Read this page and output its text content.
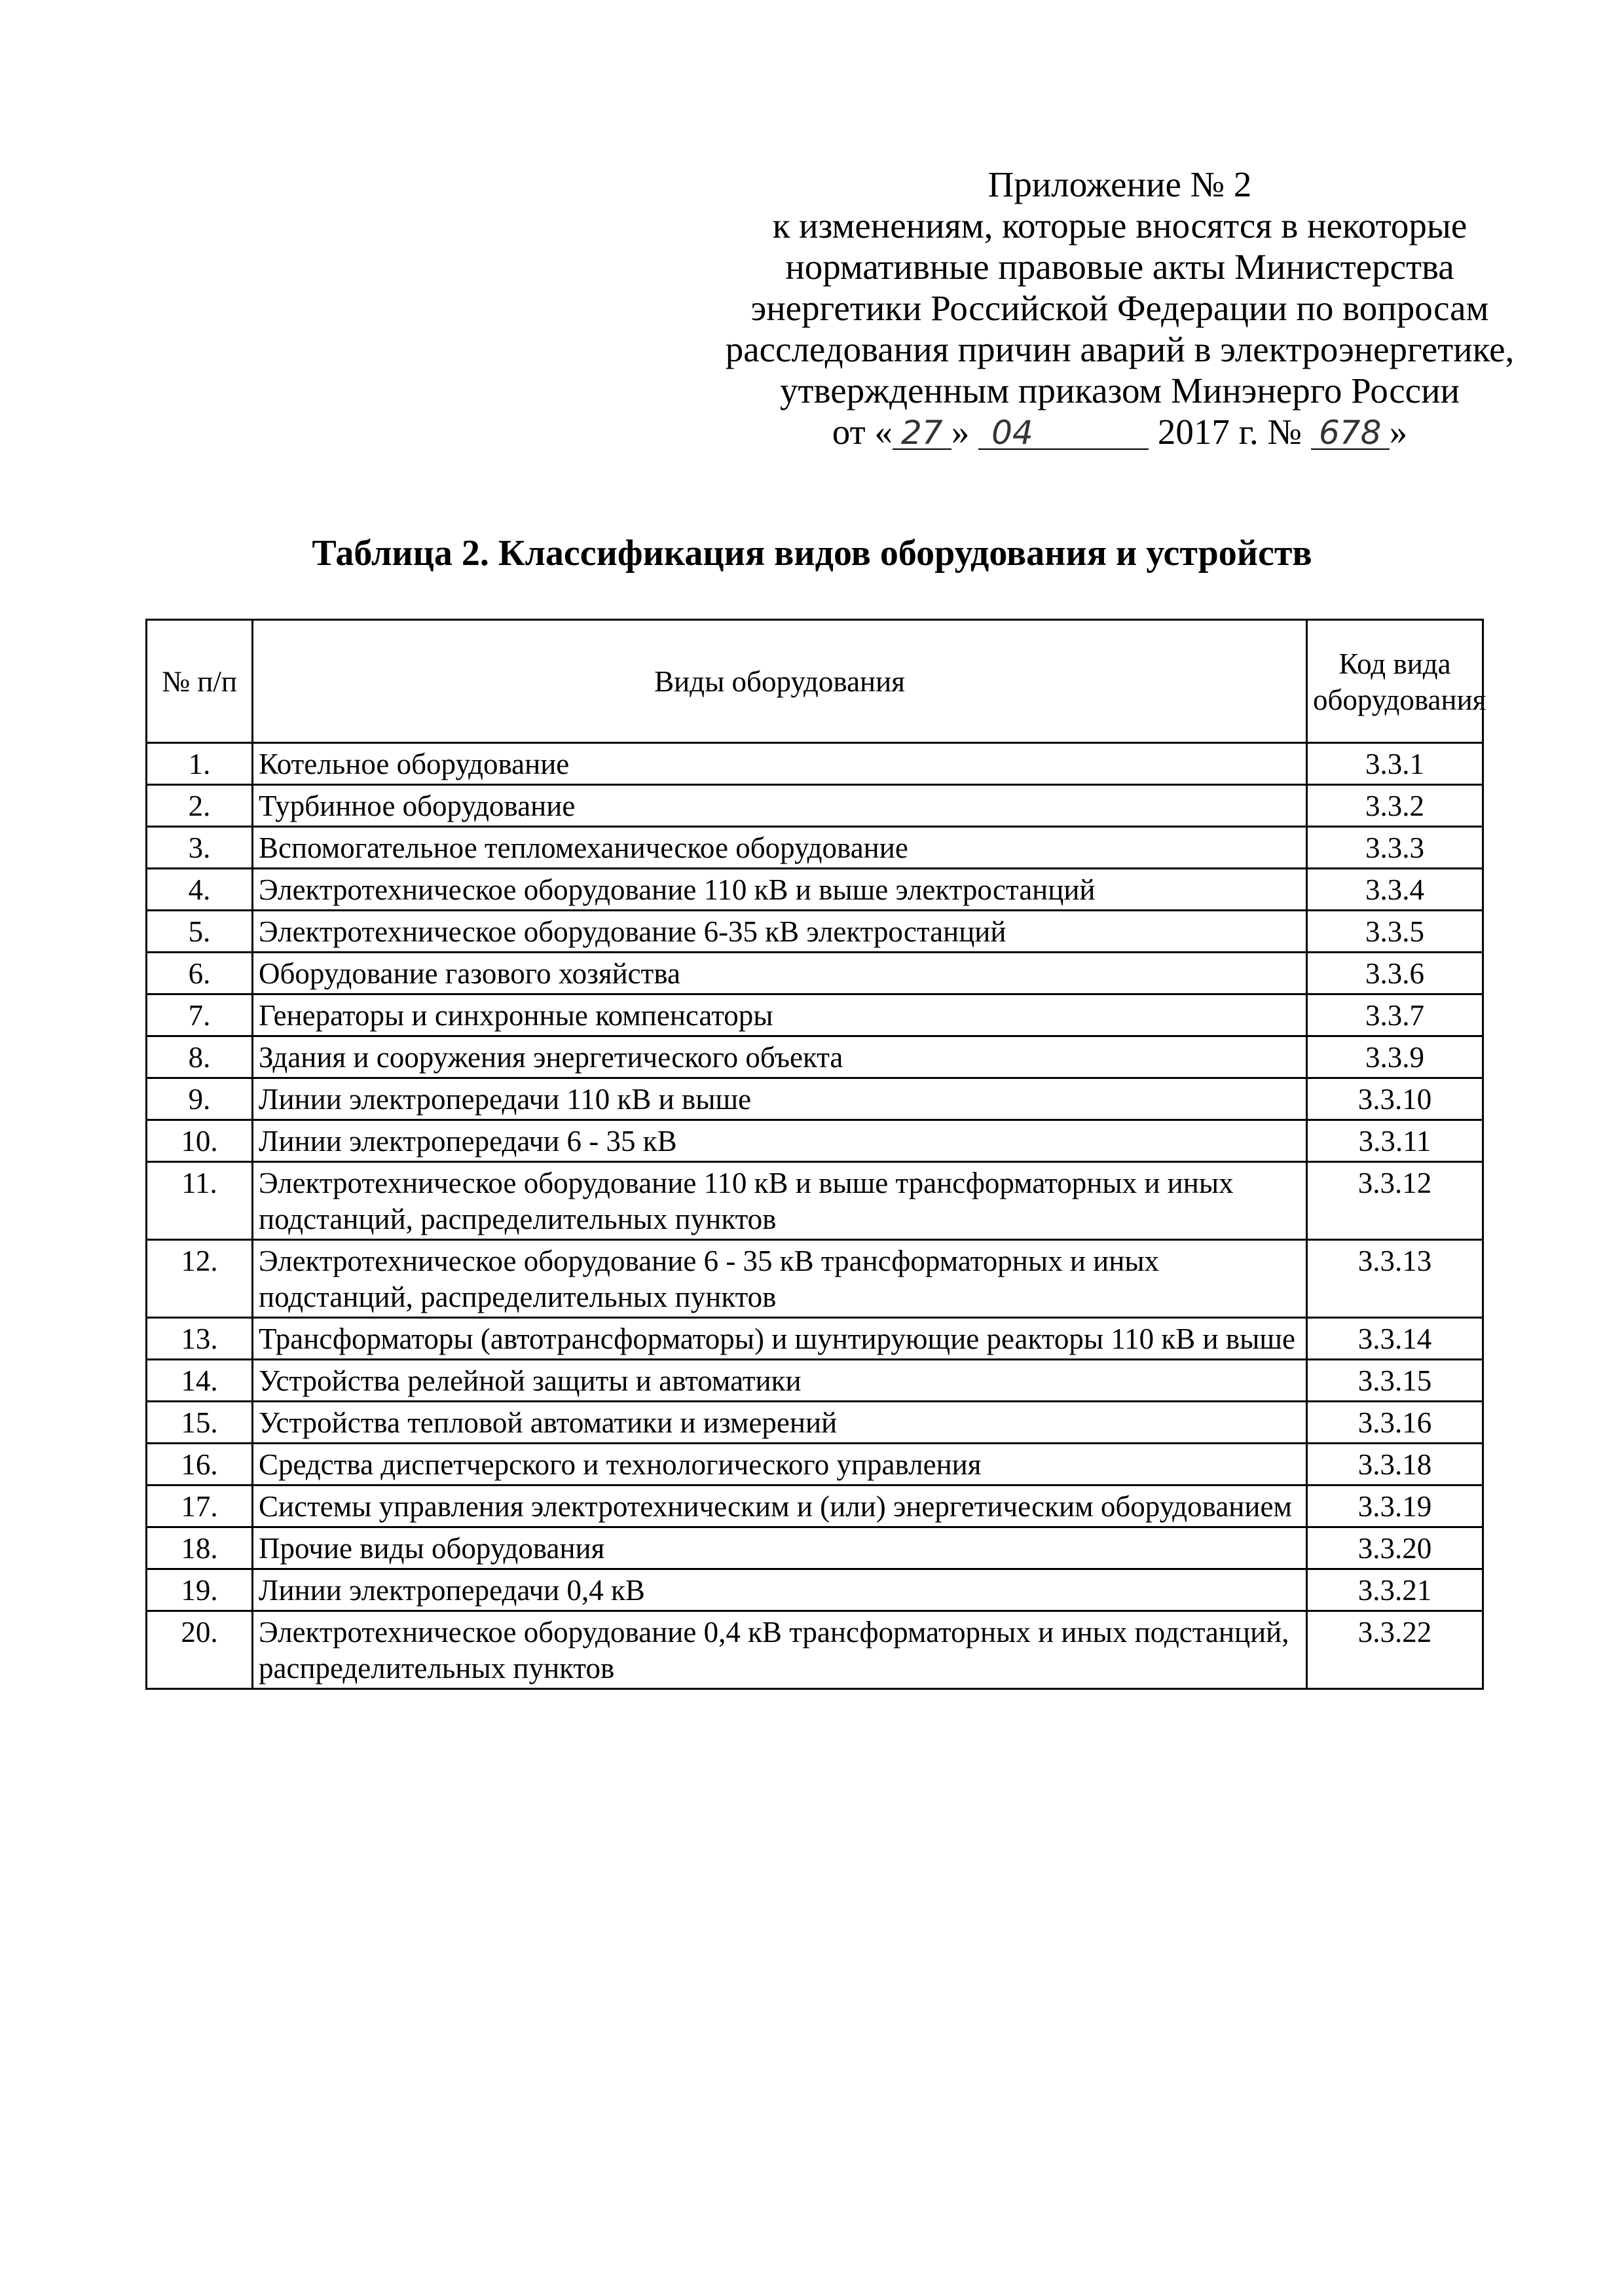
Приложение № 2
к изменениям, которые вносятся в некоторые
нормативные правовые акты Министерства
энергетики Российской Федерации по вопросам
расследования причин аварий в электроэнергетике,
утвержденным приказом Минэнерго России
от « 27 » 04	2017 г. № 678 »
Таблица 2. Классификация видов оборудования и устройств
№ п/п	Виды оборудования	Код вида оборудования
1.	Котельное оборудование	3.3.1
2.	Турбинное оборудование	3.3.2
3.	Вспомогательное тепломеханическое оборудование	3.3.3
4.	Электротехническое оборудование 110 кВ и выше электростанций	3.3.4
5.	Электротехническое оборудование 6-35 кВ электростанций	3.3.5
6.	Оборудование газового хозяйства	3.3.6
7.	Генераторы и синхронные компенсаторы	3.3.7
8.	Здания и сооружения энергетического объекта	3.3.9
9.	Линии электропередачи 110 кВ и выше	3.3.10
10.	Линии электропередачи 6 - 35 кВ	3.3.11
11.	Электротехническое оборудование 110 кВ и выше трансформаторных и иных подстанций, распределительных пунктов	3.3.12
12.	Электротехническое оборудование 6 - 35 кВ трансформаторных и иных подстанций, распределительных пунктов	3.3.13
13.	Трансформаторы (автотрансформаторы) и шунтирующие реакторы 110 кВ и выше	3.3.14
14.	Устройства релейной защиты и автоматики	3.3.15
15.	Устройства тепловой автоматики и измерений	3.3.16
16.	Средства диспетчерского и технологического управления	3.3.18
17.	Системы управления электротехническим и (или) энергетическим оборудованием	3.3.19
18.	Прочие виды оборудования	3.3.20
19.	Линии электропередачи 0,4 кВ	3.3.21
20.	Электротехническое оборудование 0,4 кВ трансформаторных и иных подстанций, распределительных пунктов	3.3.22
